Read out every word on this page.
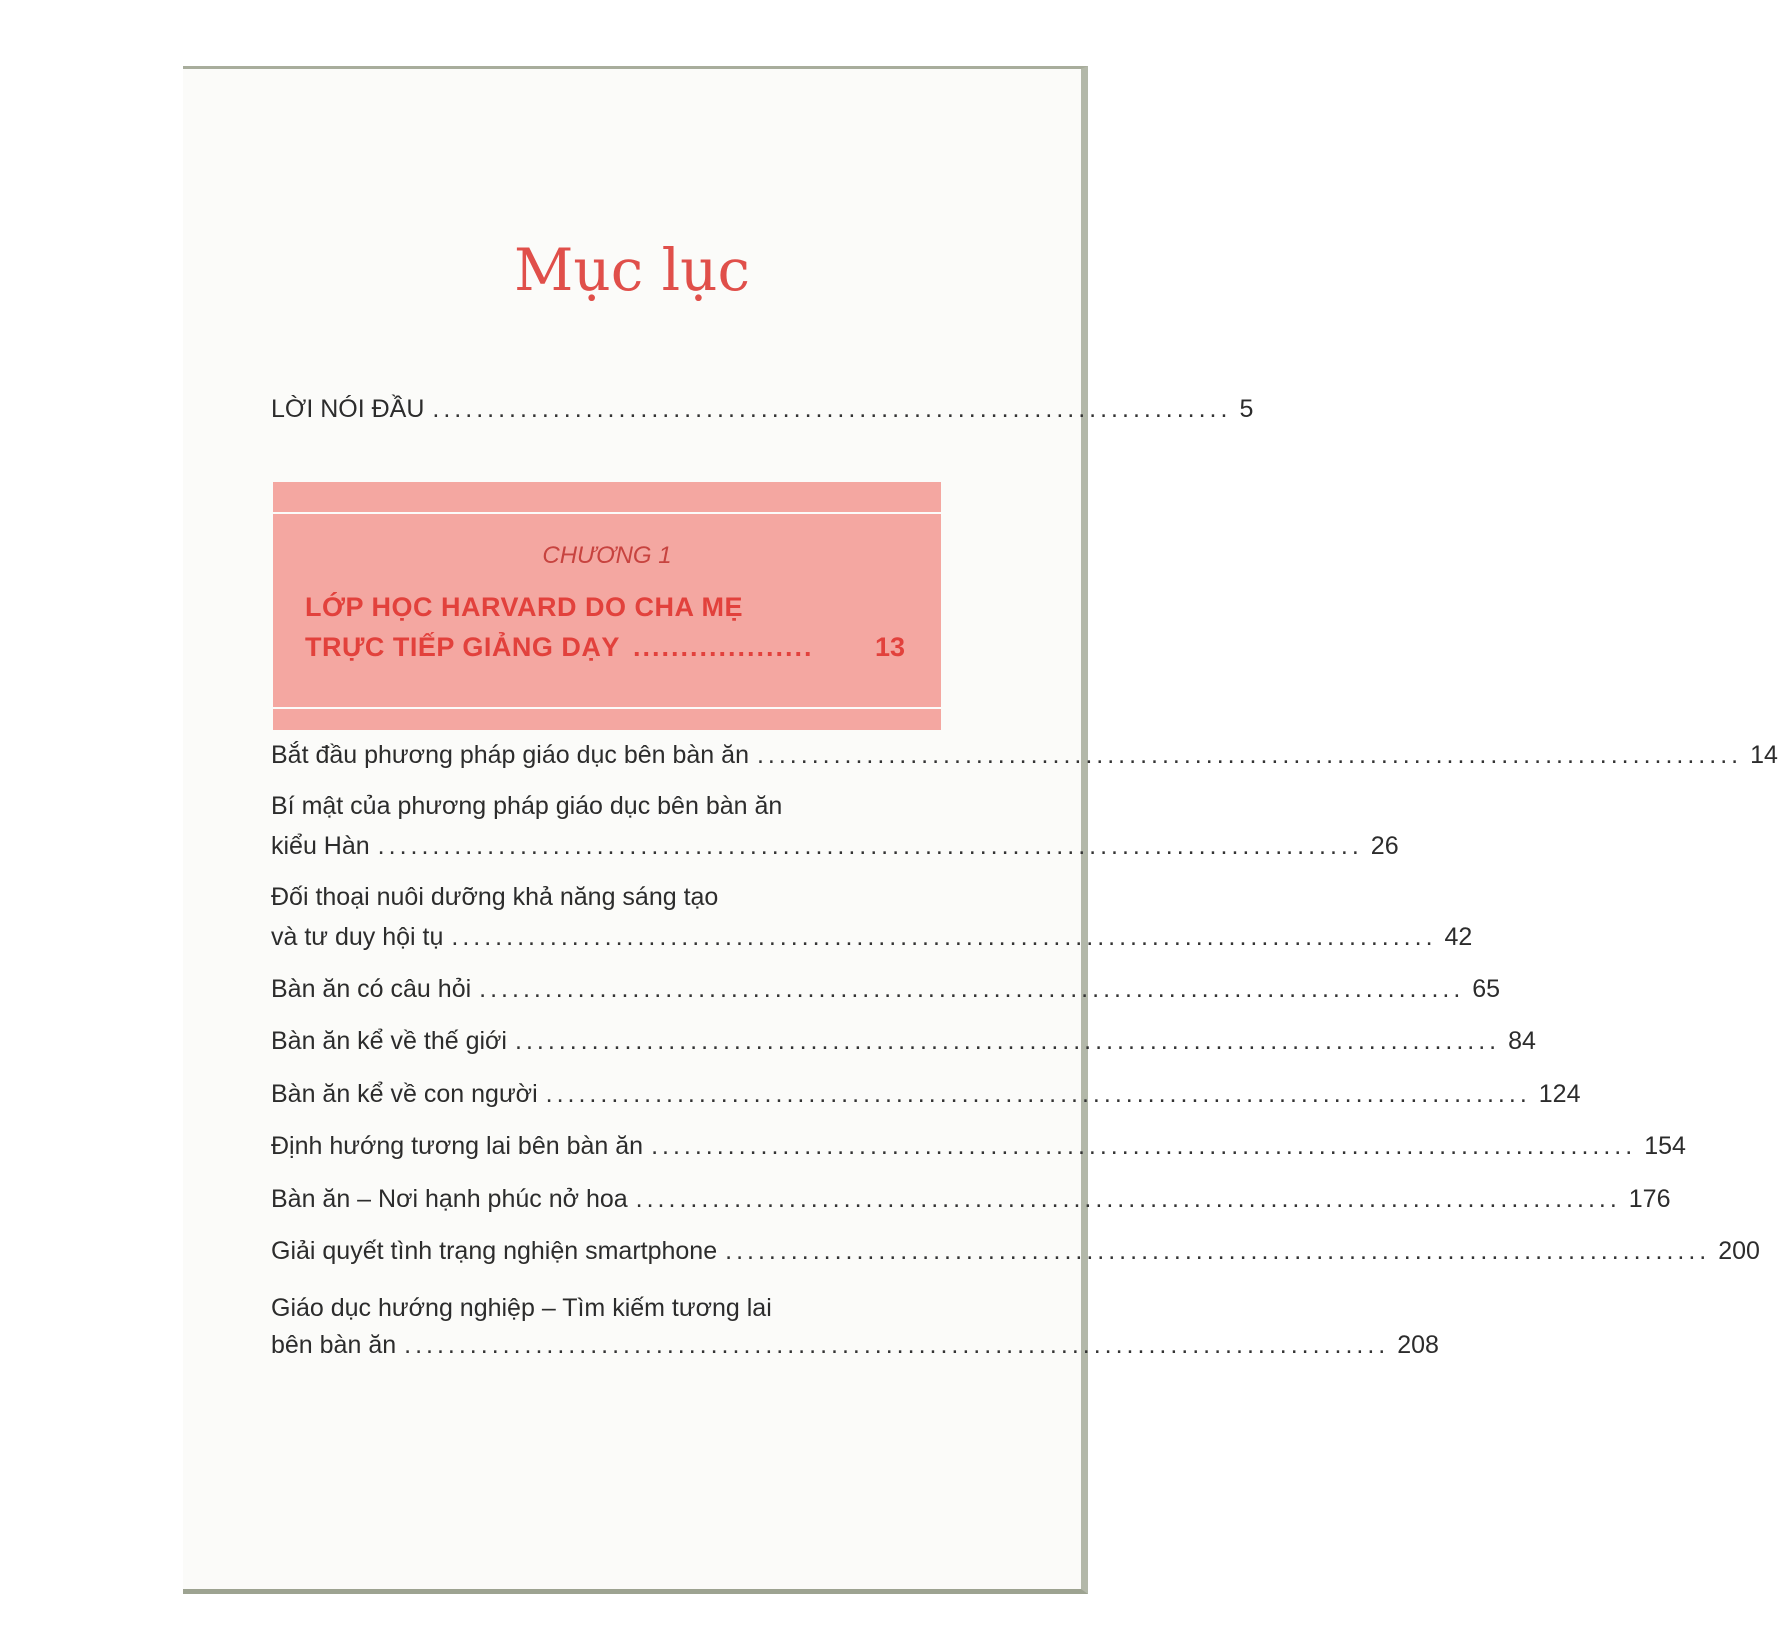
Mục lục
LỜI NÓI ĐẦU ......................................................................... 5
CHƯƠNG 1
LỚP HỌC HARVARD DO CHA MẸ
TRỰC TIẾP GIẢNG DẠY ................... 13
Bắt đầu phương pháp giáo dục bên bàn ăn .......................................................................................... 14
Bí mật của phương pháp giáo dục bên bàn ăn
kiểu Hàn .......................................................................................... 26
Đối thoại nuôi dưỡng khả năng sáng tạo
và tư duy hội tụ .......................................................................................... 42
Bàn ăn có câu hỏi .......................................................................................... 65
Bàn ăn kể về thế giới .......................................................................................... 84
Bàn ăn kể về con người .......................................................................................... 124
Định hướng tương lai bên bàn ăn .......................................................................................... 154
Bàn ăn – Nơi hạnh phúc nở hoa .......................................................................................... 176
Giải quyết tình trạng nghiện smartphone .......................................................................................... 200
Giáo dục hướng nghiệp – Tìm kiếm tương lai
bên bàn ăn .......................................................................................... 208
